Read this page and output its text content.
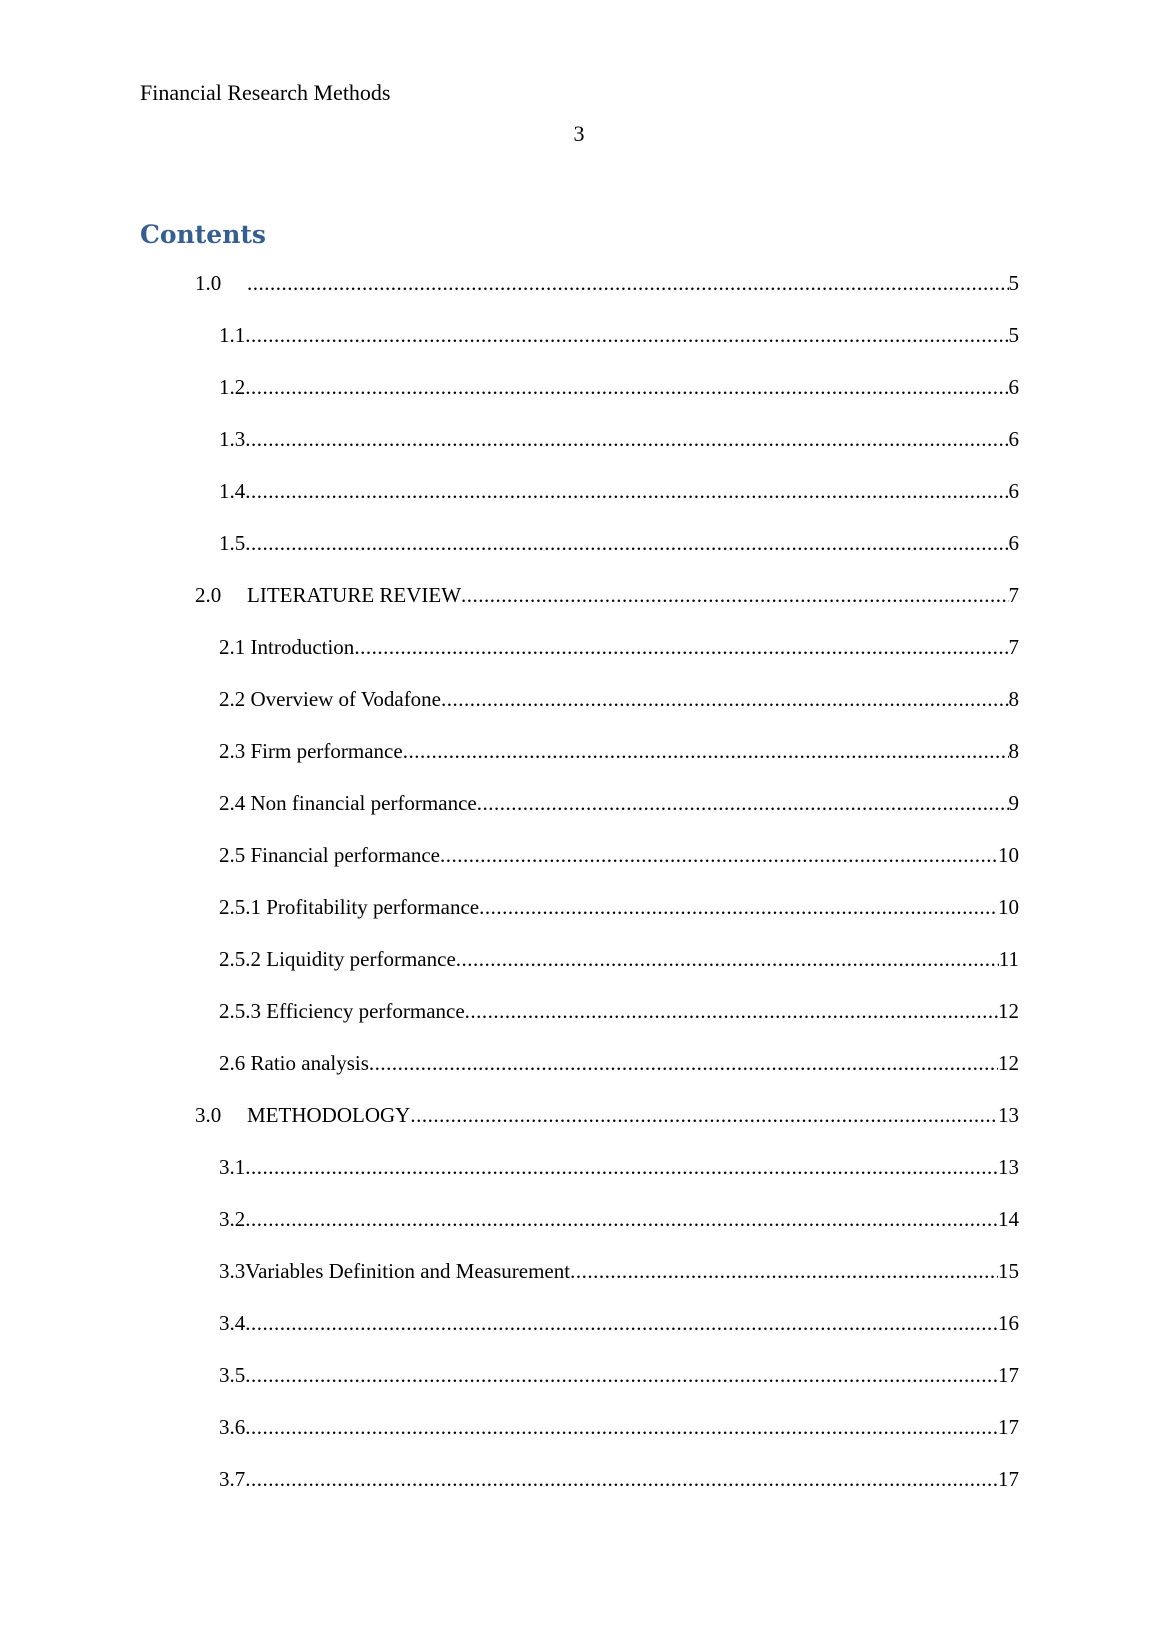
Financial Research Methods
3
Contents
1.0 .....	5
1.1 .....	5
1.2 .....	6
1.3 .....	6
1.4 .....	6
1.5 .....	6
2.0 LITERATURE REVIEW .....	7
2.1 Introduction .....	7
2.2 Overview of Vodafone .....	8
2.3 Firm performance .....	8
2.4 Non financial performance .....	9
2.5 Financial performance .....	10
2.5.1 Profitability performance .....	10
2.5.2 Liquidity performance .....	11
2.5.3 Efficiency performance .....	12
2.6 Ratio analysis .....	12
3.0 METHODOLOGY .....	13
3.1 .....	13
3.2 .....	14
3.3Variables Definition and Measurement .....	15
3.4 .....	16
3.5 .....	17
3.6 .....	17
3.7 .....	17
